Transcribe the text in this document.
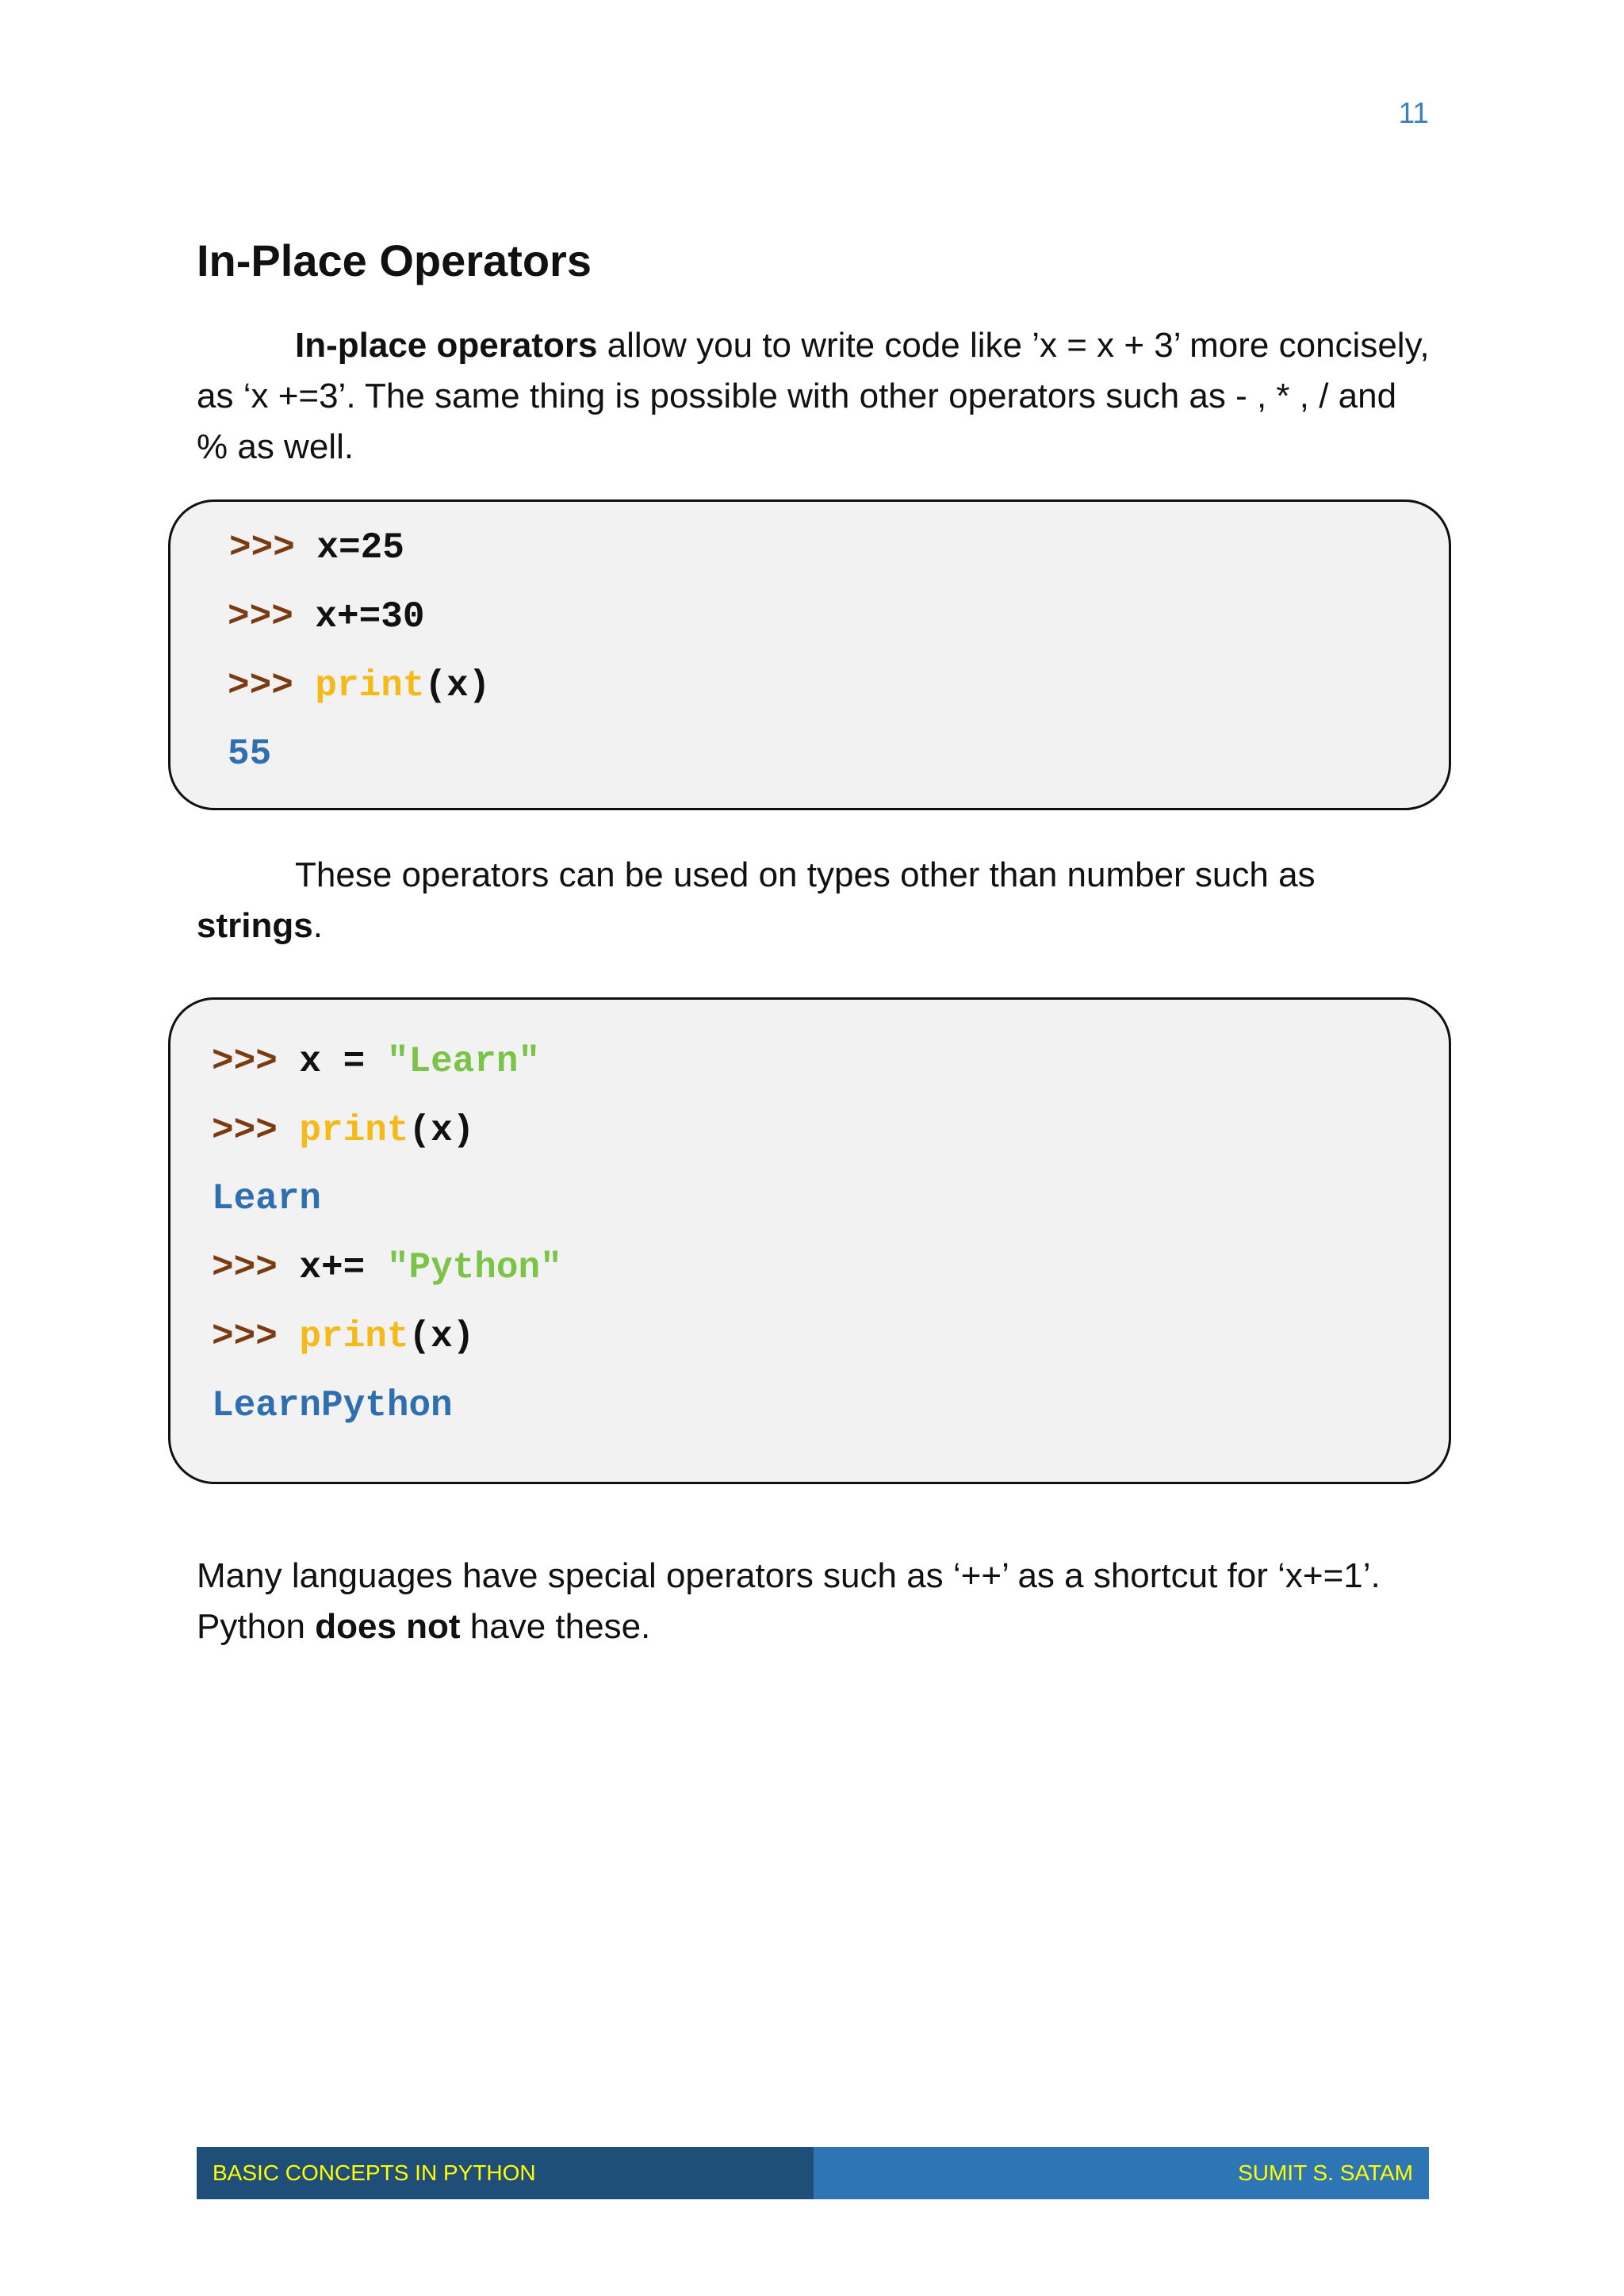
11
In-Place Operators
In-place operators allow you to write code like ’x = x + 3’ more concisely,
as ‘x +=3’. The same thing is possible with other operators such as - , * , / and
% as well.
>>> x=25
>>> x+=30
>>> print(x)
55
These operators can be used on types other than number such as
strings.
>>> x = "Learn"
>>> print(x)
Learn
>>> x+= "Python"
>>> print(x)
LearnPython
Many languages have special operators such as ‘++’ as a shortcut for ‘x+=1’.
Python does not have these.
BASIC CONCEPTS IN PYTHON	SUMIT S. SATAM
